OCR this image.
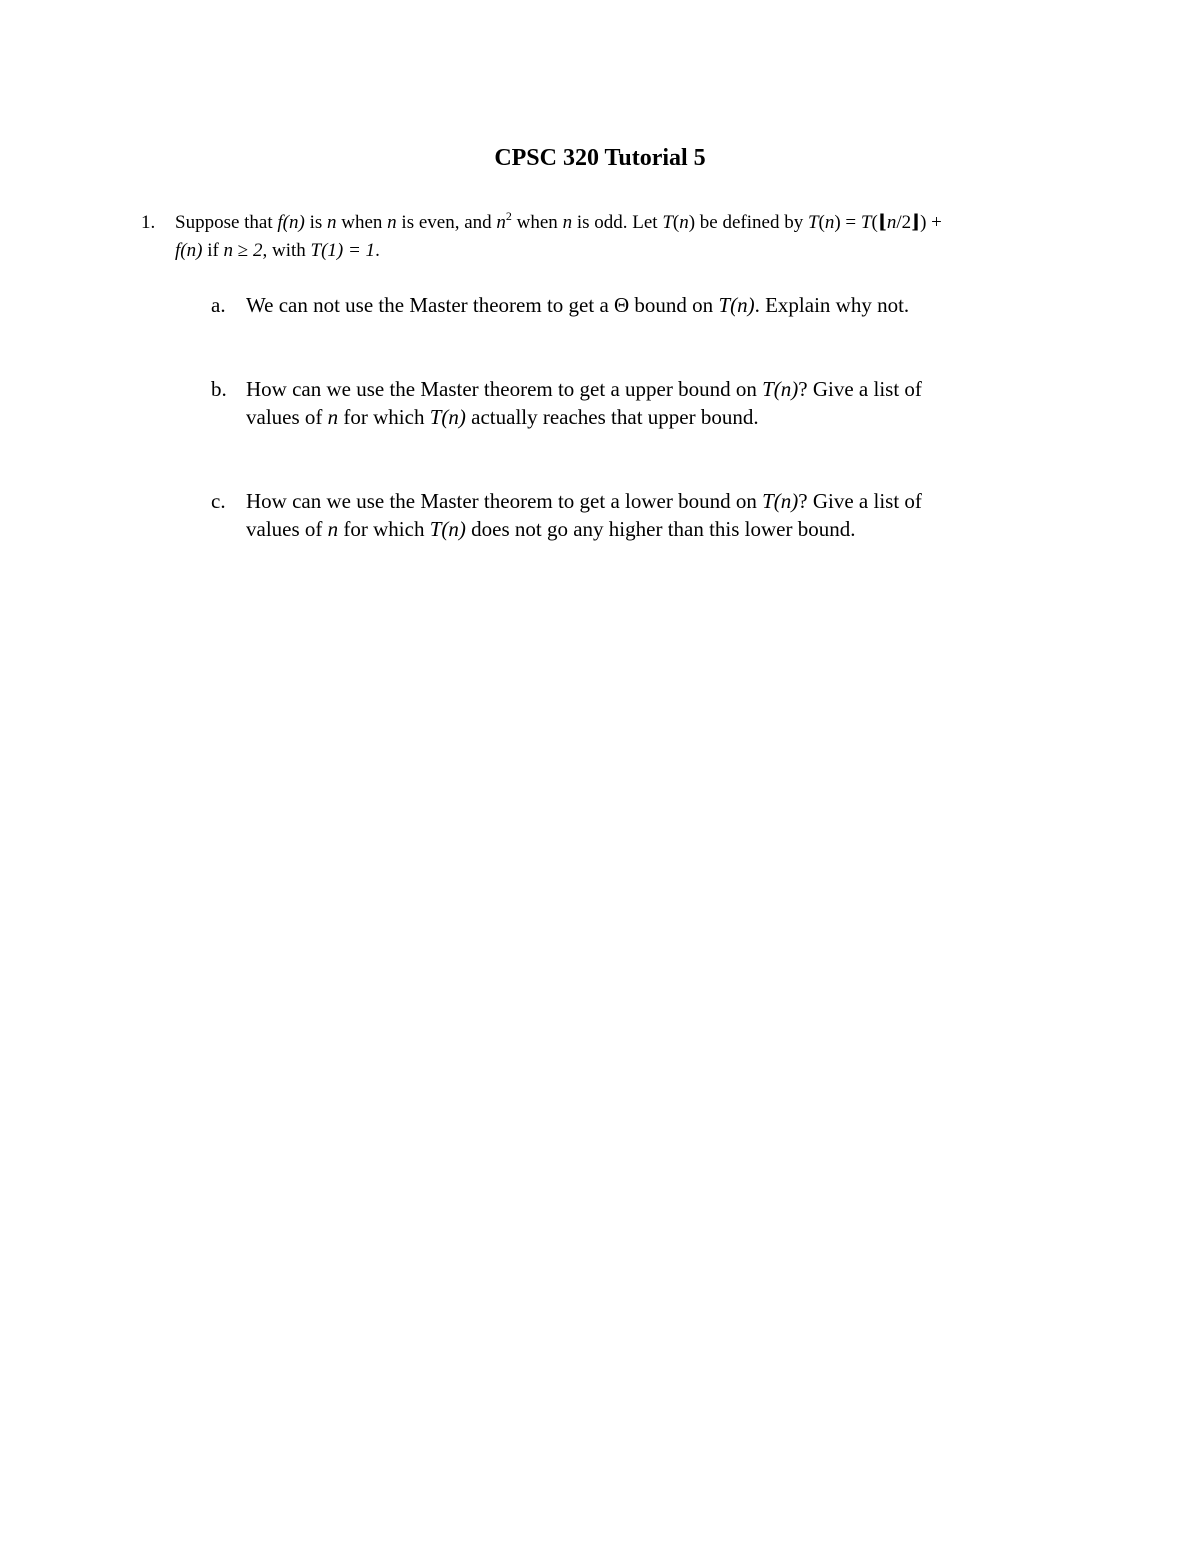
CPSC 320 Tutorial 5
1. Suppose that f(n) is n when n is even, and $n^2$ when n is odd. Let T(n) be defined by T(n) = T(⌊n/2⌋) +
f(n) if n ≥ 2, with T(1) = 1.
a. We can not use the Master theorem to get a Θ bound on T(n). Explain why not.
b. How can we use the Master theorem to get a upper bound on T(n)? Give a list of
values of n for which T(n) actually reaches that upper bound.
c. How can we use the Master theorem to get a lower bound on T(n)? Give a list of
values of n for which T(n) does not go any higher than this lower bound.
